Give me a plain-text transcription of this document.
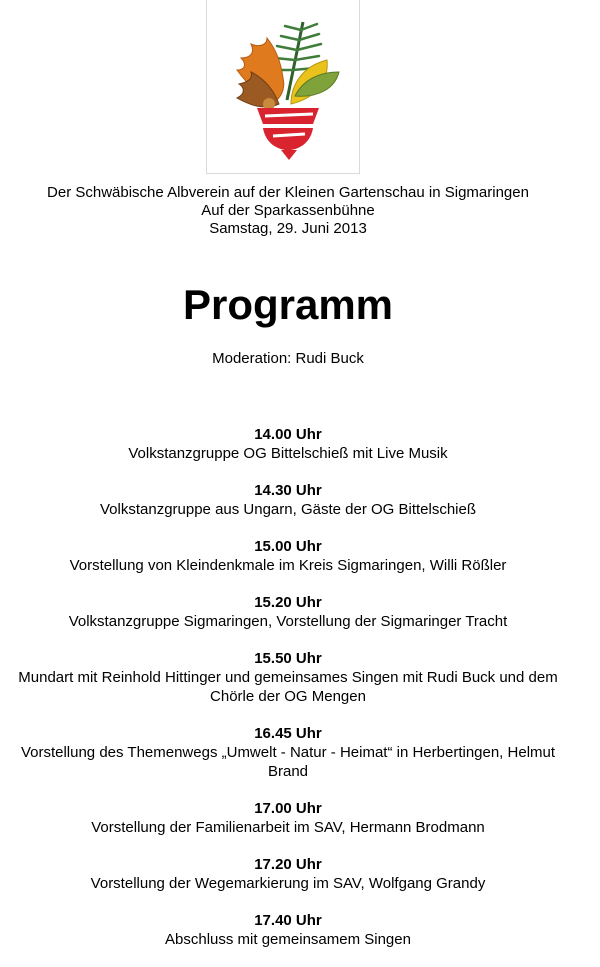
Der Schwäbische Albverein auf der Kleinen Gartenschau in Sigmaringen
Auf der Sparkassenbühne
Samstag, 29. Juni 2013
Programm
Moderation: Rudi Buck
14.00 Uhr
Volkstanzgruppe OG Bittelschieß mit Live Musik
14.30 Uhr
Volkstanzgruppe aus Ungarn, Gäste der OG Bittelschieß
15.00 Uhr
Vorstellung von Kleindenkmale im Kreis Sigmaringen, Willi Rößler
15.20 Uhr
Volkstanzgruppe Sigmaringen, Vorstellung der Sigmaringer Tracht
15.50 Uhr
Mundart mit Reinhold Hittinger und gemeinsames Singen mit Rudi Buck und dem Chörle der OG Mengen
16.45 Uhr
Vorstellung des Themenwegs „Umwelt - Natur - Heimat“ in Herbertingen, Helmut Brand
17.00 Uhr
Vorstellung der Familienarbeit im SAV, Hermann Brodmann
17.20 Uhr
Vorstellung der Wegemarkierung im SAV, Wolfgang Grandy
17.40 Uhr
Abschluss mit gemeinsamem Singen
